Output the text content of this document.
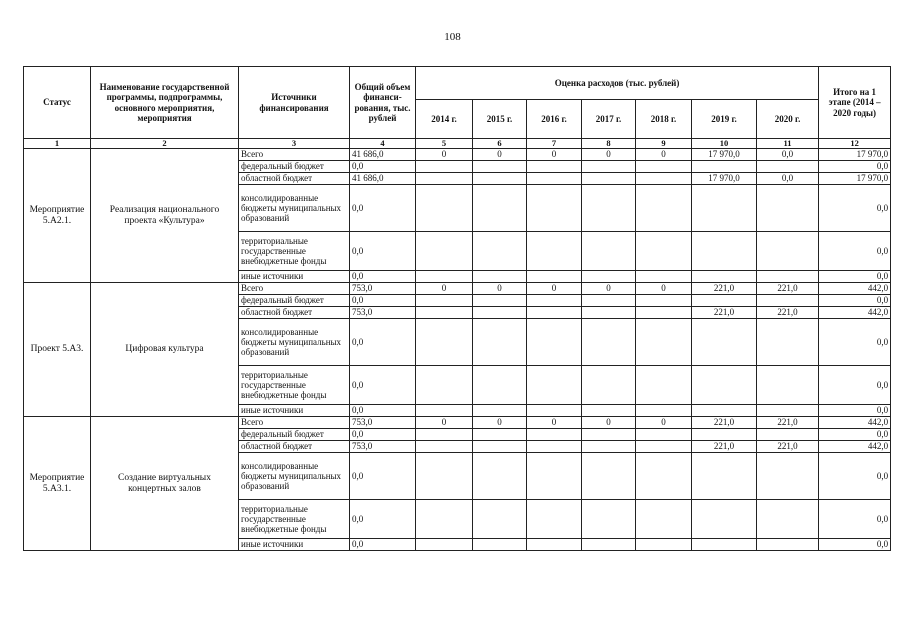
108
Статус	Наименование государственной программы, подпрограммы, основного мероприятия, мероприятия	Источники финансирования	Общий объем финанси-рования, тыс. рублей	Оценка расходов (тыс. рублей)							Итого на 1 этапе (2014 – 2020 годы)
				2014 г.	2015 г.	2016 г.	2017 г.	2018 г.	2019 г.	2020 г.	
1	2	3	4	5	6	7	8	9	10	11	12
Мероприятие 5.А2.1.	Реализация национального проекта «Культура»	Всего	41 686,0	0	0	0	0	0	17 970,0	0,0	17 970,0
		федеральный бюджет	0,0								0,0
		областной бюджет	41 686,0						17 970,0	0,0	17 970,0
		консолидированные бюджеты муниципальных образований	0,0								0,0
		территориальные государственные внебюджетные фонды	0,0								0,0
		иные источники	0,0								0,0
Проект 5.А3.	Цифровая культура	Всего	753,0	0	0	0	0	0	221,0	221,0	442,0
		федеральный бюджет	0,0								0,0
		областной бюджет	753,0						221,0	221,0	442,0
		консолидированные бюджеты муниципальных образований	0,0								0,0
		территориальные государственные внебюджетные фонды	0,0								0,0
		иные источники	0,0								0,0
Мероприятие 5.А3.1.	Создание виртуальных концертных залов	Всего	753,0	0	0	0	0	0	221,0	221,0	442,0
		федеральный бюджет	0,0								0,0
		областной бюджет	753,0						221,0	221,0	442,0
		консолидированные бюджеты муниципальных образований	0,0								0,0
		территориальные государственные внебюджетные фонды	0,0								0,0
		иные источники	0,0								0,0
